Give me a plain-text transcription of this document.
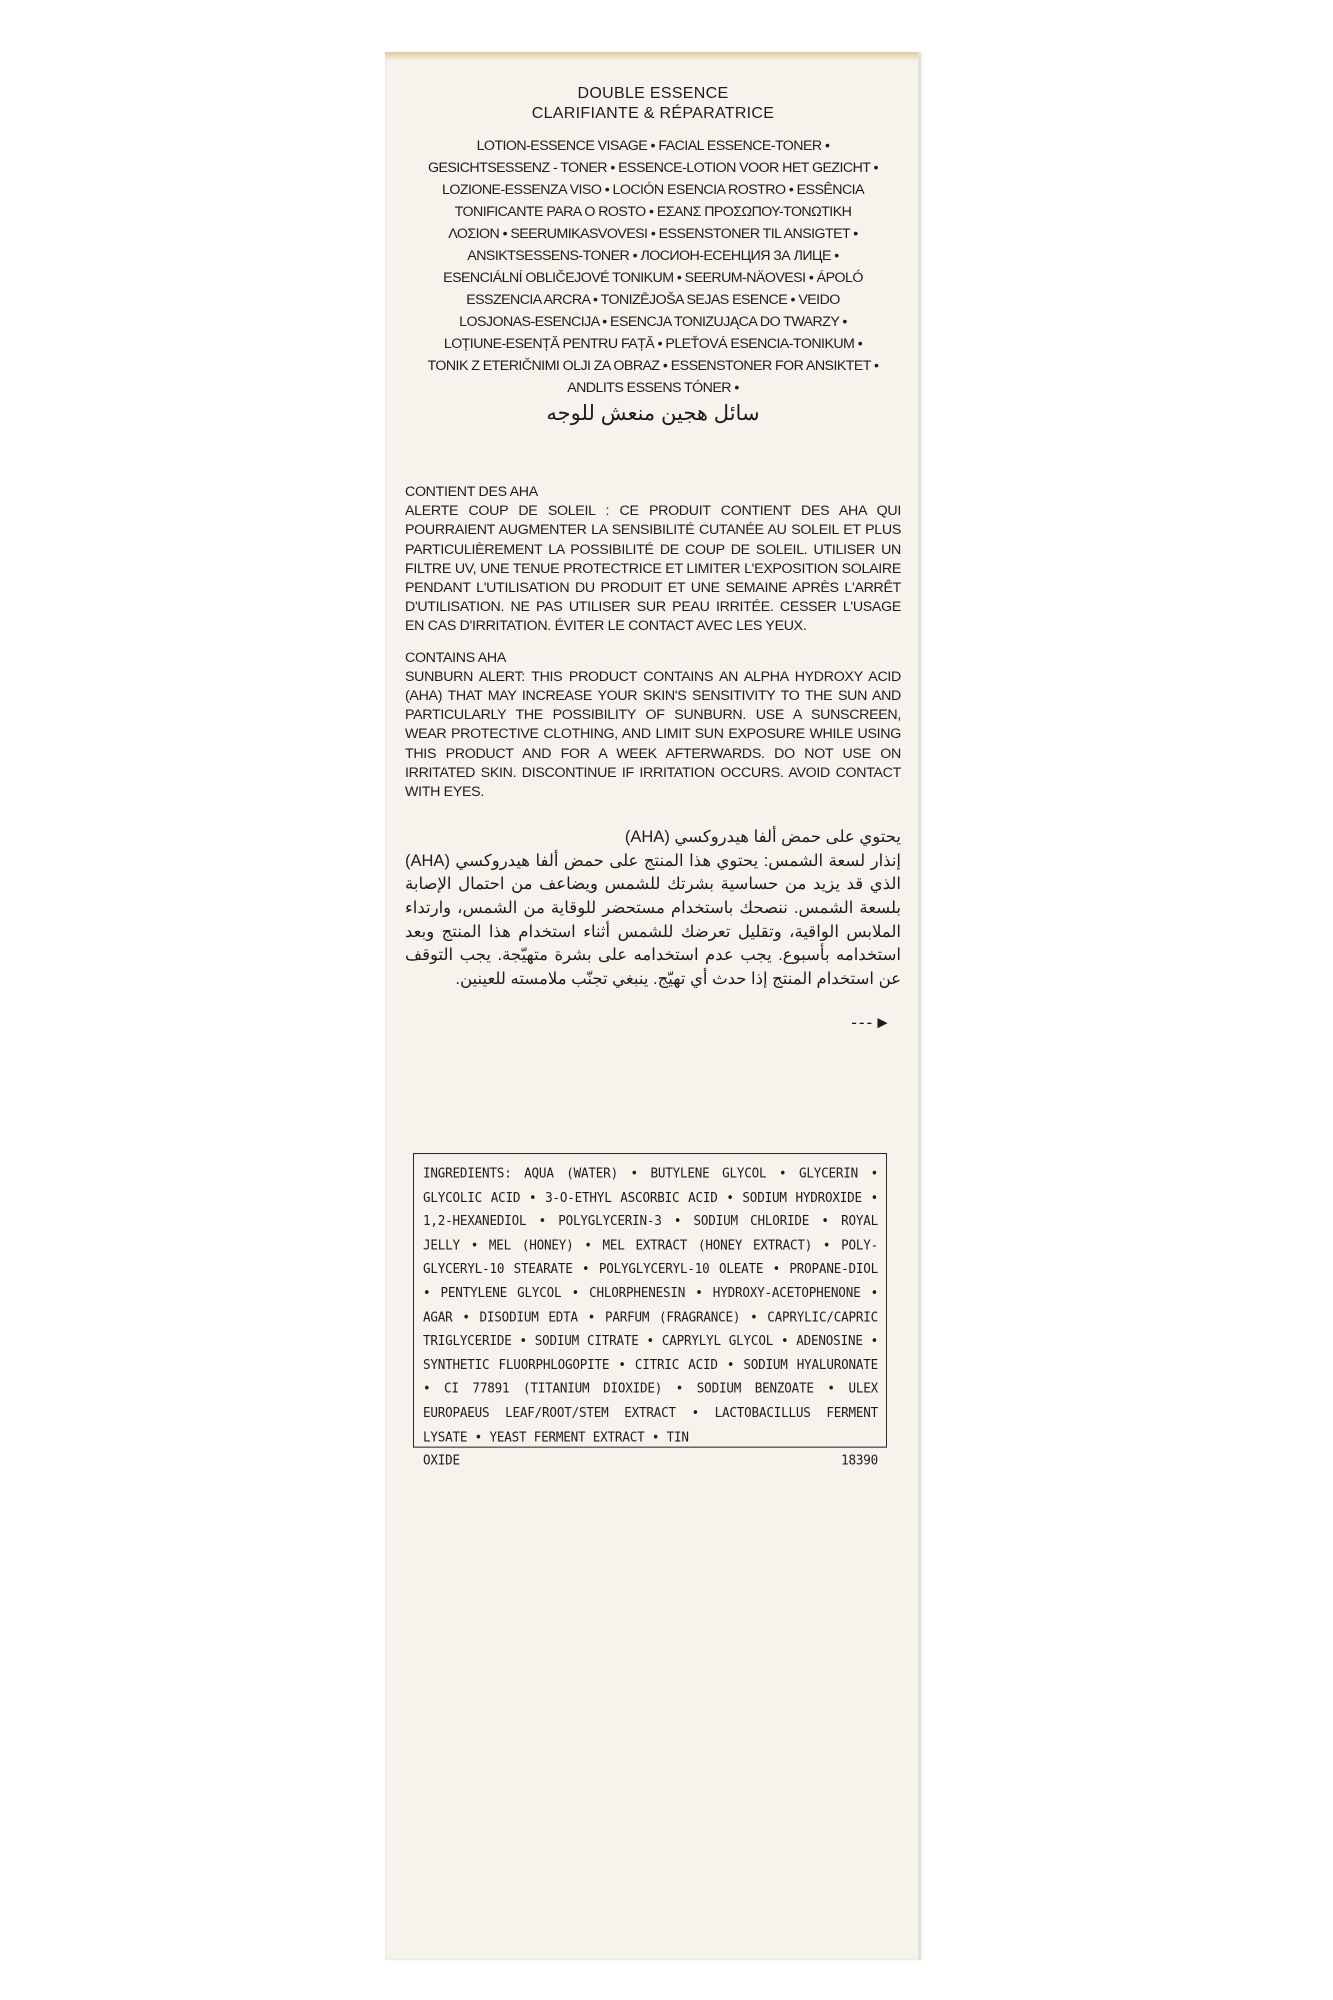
DOUBLE ESSENCE
CLARIFIANTE & RÉPARATRICE
LOTION-ESSENCE VISAGE • FACIAL ESSENCE-TONER •
GESICHTSESSENZ - TONER • ESSENCE-LOTION VOOR HET GEZICHT •
LOZIONE-ESSENZA VISO • LOCIÓN ESENCIA ROSTRO • ESSÊNCIA
TONIFICANTE PARA O ROSTO • ΕΣΑΝΣ ΠΡΟΣΩΠΟΥ-ΤΟΝΩΤΙΚΗ
ΛΟΣΙΟΝ • SEERUMIKASVOVESI • ESSENSTONER TIL ANSIGTET •
ANSIKTSESSENS-TONER • ЛОСИОН-ЕСЕНЦИЯ ЗА ЛИЦЕ •
ESENCIÁLNÍ OBLIČEJOVÉ TONIKUM • SEERUM-NÄOVESI • ÁPOLÓ
ESSZENCIA ARCRA • TONIZĒJOŠA SEJAS ESENCE • VEIDO
LOSJONAS-ESENCIJA • ESENCJA TONIZUJĄCA DO TWARZY •
LOȚIUNE-ESENȚĂ PENTRU FAȚĂ • PLEŤOVÁ ESENCIA-TONIKUM •
TONIK Z ETERIČNIMI OLJI ZA OBRAZ • ESSENSTONER FOR ANSIKTET •
ANDLITS ESSENS TÓNER •
سائل هجين منعش للوجه
CONTIENT DES AHA
ALERTE COUP DE SOLEIL : CE PRODUIT CONTIENT DES AHA QUI POURRAIENT AUGMENTER LA SENSIBILITÉ CUTANÉE AU SOLEIL ET PLUS PARTICULIÈREMENT LA POSSIBILITÉ DE COUP DE SOLEIL. UTILISER UN FILTRE UV, UNE TENUE PROTECTRICE ET LIMITER L'EXPOSITION SOLAIRE PENDANT L'UTILISATION DU PRODUIT ET UNE SEMAINE APRÈS L'ARRÊT D'UTILISATION. NE PAS UTILISER SUR PEAU IRRITÉE. CESSER L'USAGE EN CAS D'IRRITATION. ÉVITER LE CONTACT AVEC LES YEUX.
CONTAINS AHA
SUNBURN ALERT: THIS PRODUCT CONTAINS AN ALPHA HYDROXY ACID (AHA) THAT MAY INCREASE YOUR SKIN'S SENSITIVITY TO THE SUN AND PARTICULARLY THE POSSIBILITY OF SUNBURN. USE A SUNSCREEN, WEAR PROTECTIVE CLOTHING, AND LIMIT SUN EXPOSURE WHILE USING THIS PRODUCT AND FOR A WEEK AFTERWARDS. DO NOT USE ON IRRITATED SKIN. DISCONTINUE IF IRRITATION OCCURS. AVOID CONTACT WITH EYES.
يحتوي على حمض ألفا هيدروكسي (AHA)
إنذار لسعة الشمس: يحتوي هذا المنتج على حمض ألفا هيدروكسي (AHA) الذي قد يزيد من حساسية بشرتك للشمس ويضاعف من احتمال الإصابة بلسعة الشمس. ننصحك باستخدام مستحضر للوقاية من الشمس، وارتداء الملابس الواقية، وتقليل تعرضك للشمس أثناء استخدام هذا المنتج وبعد استخدامه بأسبوع. يجب عدم استخدامه على بشرة متهيّجة. يجب التوقف عن استخدام المنتج إذا حدث أي تهيّج. ينبغي تجنّب ملامسته للعينين.
---►
INGREDIENTS: AQUA (WATER) • BUTYLENE GLYCOL • GLYCERIN • GLYCOLIC ACID • 3-O-ETHYL ASCORBIC ACID • SODIUM HYDROXIDE • 1,2-HEXANEDIOL • POLYGLYCERIN-3 • SODIUM CHLORIDE • ROYAL JELLY • MEL (HONEY) • MEL EXTRACT (HONEY EXTRACT) • POLY-GLYCERYL-10 STEARATE • POLYGLYCERYL-10 OLEATE • PROPANE-DIOL • PENTYLENE GLYCOL • CHLORPHENESIN • HYDROXY-ACETOPHENONE • AGAR • DISODIUM EDTA • PARFUM (FRAGRANCE) • CAPRYLIC/CAPRIC TRIGLYCERIDE • SODIUM CITRATE • CAPRYLYL GLYCOL • ADENOSINE • SYNTHETIC FLUORPHLOGOPITE • CITRIC ACID • SODIUM HYALURONATE • CI 77891 (TITANIUM DIOXIDE) • SODIUM BENZOATE • ULEX EUROPAEUS LEAF/ROOT/STEM EXTRACT • LACTOBACILLUS FERMENT LYSATE • YEAST FERMENT EXTRACT • TIN
OXIDE	18390
